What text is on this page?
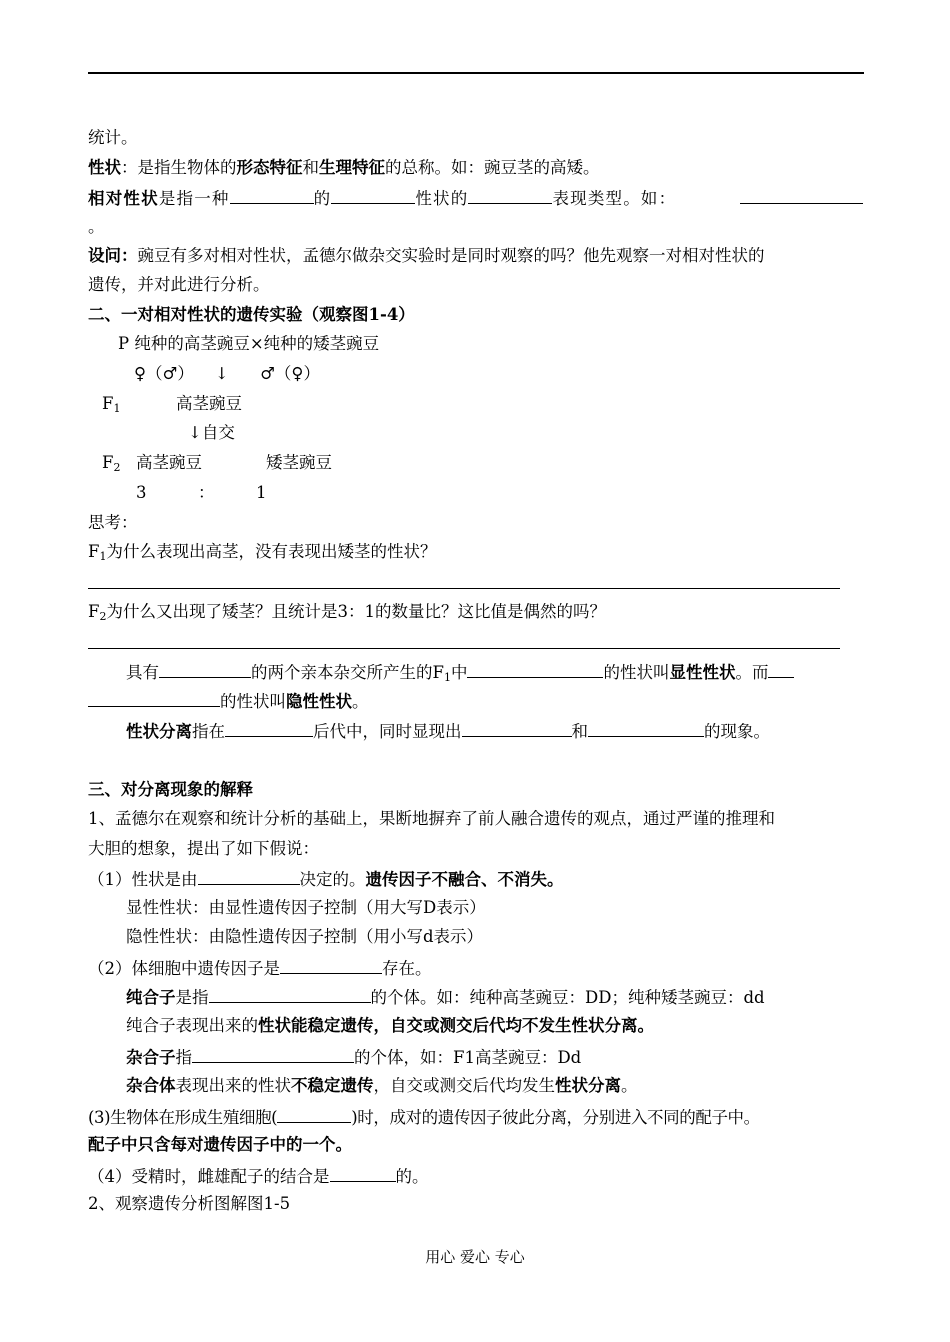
统计。
性状：是指生物体的形态特征和生理特征的总称。如：豌豆茎的高矮。
相对性状是指一种	的	性状的	表现类型。如：
。
设问：豌豆有多对相对性状，孟德尔做杂交实验时是同时观察的吗？他先观察一对相对性状的
遗传，并对此进行分析。
二、一对相对性状的遗传实验（观察图1-4）
P 纯种的高茎豌豆×纯种的矮茎豌豆
♀（♂）    ↓      ♂（♀）
$F_1$	高茎豌豆
↓自交
$F_2$ 高茎豌豆	矮茎豌豆
3	：	1
思考：
$F_1$为什么表现出高茎，没有表现出矮茎的性状？
$F_2$为什么又出现了矮茎？且统计是3：1的数量比？这比值是偶然的吗？
具有	的两个亲本杂交所产生的$F_1$中	的性状叫显性性状。而
的性状叫隐性性状。
性状分离指在	后代中，同时显现出	和	的现象。
三、对分离现象的解释
1、孟德尔在观察和统计分析的基础上，果断地摒弃了前人融合遗传的观点，通过严谨的推理和
大胆的想象，提出了如下假说：
（1）性状是由	决定的。遗传因子不融合、不消失。
显性性状：由显性遗传因子控制（用大写D表示）
隐性性状：由隐性遗传因子控制（用小写d表示）
（2）体细胞中遗传因子是	存在。
纯合子是指	的个体。如：纯种高茎豌豆：DD；纯种矮茎豌豆：dd
纯合子表现出来的性状能稳定遗传，自交或测交后代均不发生性状分离。
杂合子指	的个体，如：F1高茎豌豆：Dd
杂合体表现出来的性状不稳定遗传，自交或测交后代均发生性状分离。
(3)生物体在形成生殖细胞(	)时，成对的遗传因子彼此分离，分别进入不同的配子中。
配子中只含每对遗传因子中的一个。
（4）受精时，雌雄配子的结合是	的。
2、观察遗传分析图解图1-5
用心 爱心 专心
